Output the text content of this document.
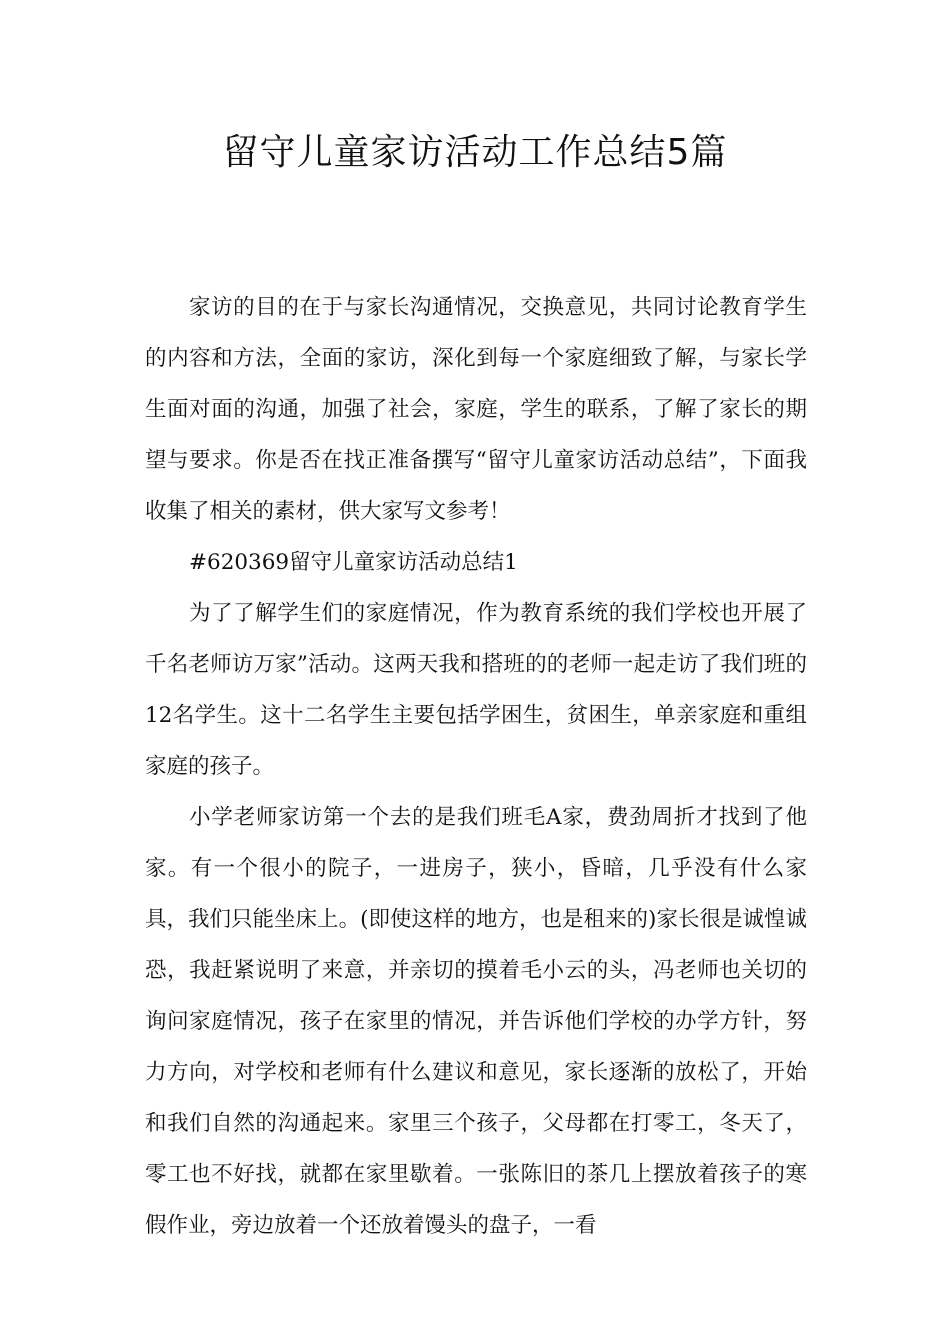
留守儿童家访活动工作总结5篇

家访的目的在于与家长沟通情况，交换意见，共同讨论教育学生的内容和方法，全面的家访，深化到每一个家庭细致了解，与家长学生面对面的沟通，加强了社会，家庭，学生的联系，了解了家长的期望与要求。你是否在找正准备撰写“留守儿童家访活动总结”，下面我收集了相关的素材，供大家写文参考！

#620369留守儿童家访活动总结1

为了了解学生们的家庭情况，作为教育系统的我们学校也开展了千名老师访万家”活动。这两天我和搭班的的老师一起走访了我们班的12名学生。这十二名学生主要包括学困生，贫困生，单亲家庭和重组家庭的孩子。

小学老师家访第一个去的是我们班毛A家，费劲周折才找到了他家。有一个很小的院子，一进房子，狭小，昏暗，几乎没有什么家具，我们只能坐床上。(即使这样的地方，也是租来的)家长很是诚惶诚恐，我赶紧说明了来意，并亲切的摸着毛小云的头，冯老师也关切的询问家庭情况，孩子在家里的情况，并告诉他们学校的办学方针，努力方向，对学校和老师有什么建议和意见，家长逐渐的放松了，开始和我们自然的沟通起来。家里三个孩子，父母都在打零工，冬天了，零工也不好找，就都在家里歇着。一张陈旧的茶几上摆放着孩子的寒假作业，旁边放着一个还放着馒头的盘子，一看
